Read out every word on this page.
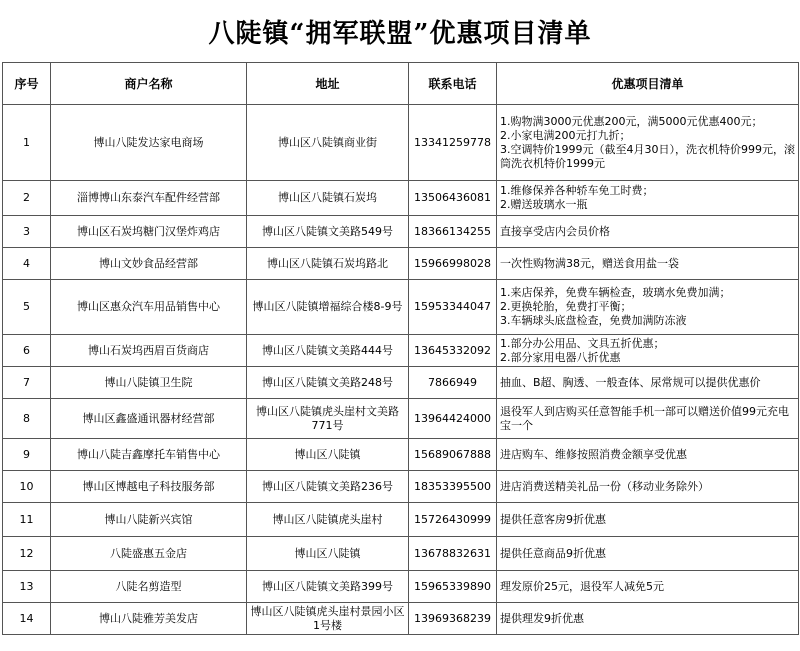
八陡镇“拥军联盟”优惠项目清单
序号	商户名称	地址	联系电话	优惠项目清单
1	博山八陡发达家电商场	博山区八陡镇商业街	13341259778	1.购物满3000元优惠200元，满5000元优惠400元；
2.小家电满200元打九折；
3.空调特价1999元（截至4月30日），洗衣机特价999元，滚筒洗衣机特价1999元
2	淄博博山东泰汽车配件经营部	博山区八陡镇石炭坞	13506436081	1.维修保养各种轿车免工时费；
2.赠送玻璃水一瓶
3	博山区石炭坞糖门汉堡炸鸡店	博山区八陡镇文美路549号	18366134255	直接享受店内会员价格
4	博山文妙食品经营部	博山区八陡镇石炭坞路北	15966998028	一次性购物满38元，赠送食用盐一袋
5	博山区惠众汽车用品销售中心	博山区八陡镇增福综合楼8-9号	15953344047	1.来店保养，免费车辆检查，玻璃水免费加满；
2.更换轮胎，免费打平衡；
3.车辆球头底盘检查，免费加满防冻液
6	博山石炭坞西眉百货商店	博山区八陡镇文美路444号	13645332092	1.部分办公用品、文具五折优惠；
2.部分家用电器八折优惠
7	博山八陡镇卫生院	博山区八陡镇文美路248号	7866949	抽血、B超、胸透、一般查体、尿常规可以提供优惠价
8	博山区鑫盛通讯器材经营部	博山区八陡镇虎头崖村文美路771号	13964424000	退役军人到店购买任意智能手机一部可以赠送价值99元充电宝一个
9	博山八陡吉鑫摩托车销售中心	博山区八陡镇	15689067888	进店购车、维修按照消费金额享受优惠
10	博山区博越电子科技服务部	博山区八陡镇文美路236号	18353395500	进店消费送精美礼品一份（移动业务除外）
11	博山八陡新兴宾馆	博山区八陡镇虎头崖村	15726430999	提供任意客房9折优惠
12	八陡盛惠五金店	博山区八陡镇	13678832631	提供任意商品9折优惠
13	八陡名剪造型	博山区八陡镇文美路399号	15965339890	理发原价25元，退役军人减免5元
14	博山八陡雅芳美发店	博山区八陡镇虎头崖村景园小区1号楼	13969368239	提供理发9折优惠
